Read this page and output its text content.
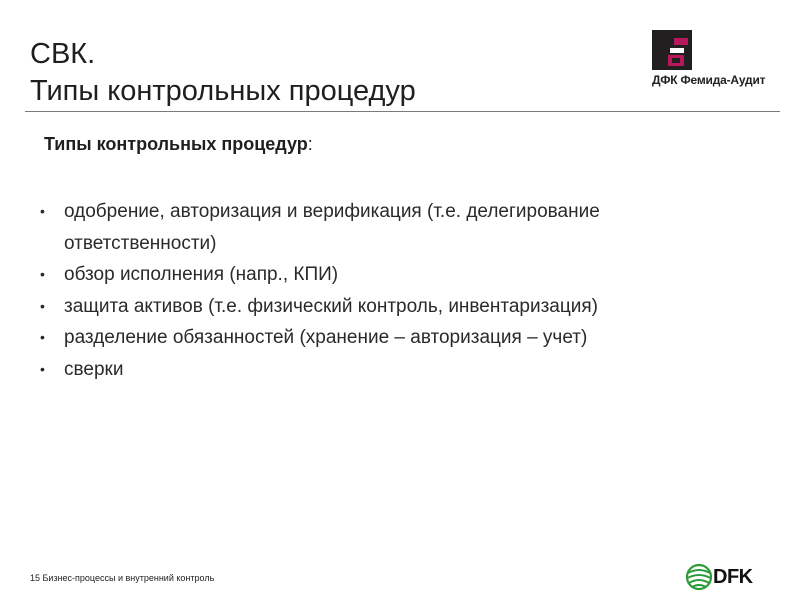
СВК.
Типы контрольных процедур	ДФК Фемида-Аудит

Типы контрольных процедур:

• одобрение, авторизация и верификация (т.е. делегирование ответственности)
• обзор исполнения (напр., КПИ)
• защита активов (т.е. физический контроль, инвентаризация)
• разделение обязанностей (хранение – авторизация – учет)
• сверки
15 Бизнес-процессы и внутренний контроль	DFK
